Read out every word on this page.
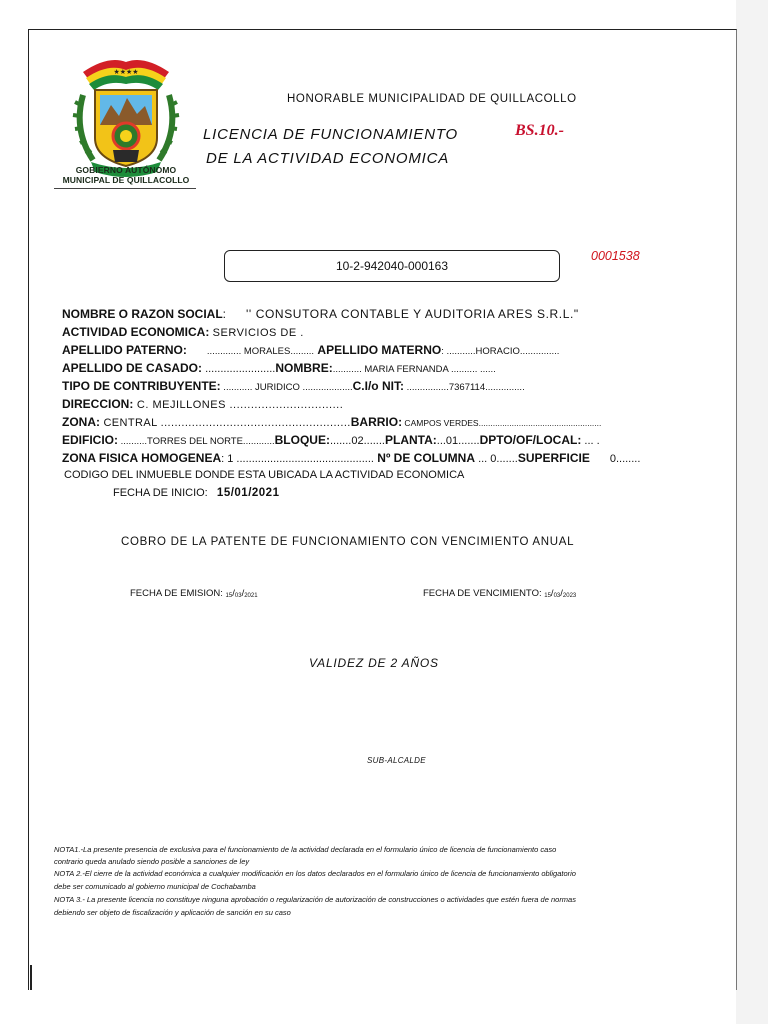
★★★★
GOBIERNO AUTÓNOMO
MUNICIPAL DE QUILLACOLLO
HONORABLE MUNICIPALIDAD DE QUILLACOLLO
LICENCIA DE FUNCIONAMIENTO
DE LA ACTIVIDAD ECONOMICA
BS.10.-
10-2-942040-000163
0001538
NOMBRE O RAZON SOCIAL:      '' CONSUTORA CONTABLE Y AUDITORIA ARES S.R.L."
ACTIVIDAD ECONOMICA: SERVICIOS DE .
APELLIDO PATERNO: ............. MORALES......... APELLIDO MATERNO: ...........HORACIO...............
APELLIDO DE CASADO: .......................NOMBRE:........... MARIA FERNANDA .......... ......
TIPO DE CONTRIBUYENTE: ........... JURIDICO ...................C.I/o NIT: ................7367114...............
DIRECCION: C. MEJILLONES ................................
ZONA: CENTRAL .......................................................BARRIO: CAMPOS VERDES....................................................
EDIFICIO: ..........TORRES DEL NORTE............BLOQUE:.......02.......PLANTA:...01.......DPTO/OF/LOCAL: ... .
ZONA FISICA HOMOGENEA: 1 ............................................. Nº DE COLUMNA ... 0.......SUPERFICIE 0........
CODIGO DEL INMUEBLE DONDE ESTA UBICADA LA ACTIVIDAD ECONOMICA
FECHA DE INICIO: 15/01/2021
COBRO DE LA PATENTE DE FUNCIONAMIENTO CON VENCIMIENTO ANUAL
FECHA DE EMISION: $_{15}/_{03}/_{2021}$	FECHA DE VENCIMIENTO: $_{15}/_{03}/_{2023}$
VALIDEZ DE 2 AÑOS
SUB-ALCALDE
NOTA1.-La presente presencia de exclusiva para el funcionamiento de la actividad declarada en el formulario único de licencia de funcionamiento caso
contrario queda anulado siendo posible a sanciones de ley
NOTA 2.-El cierre de la actividad económica a cualquier modificación en los datos declarados en el formulario único de licencia de funcionamiento obligatorio
debe ser comunicado al gobierno municipal de Cochabamba
NOTA 3.- La presente licencia no constituye ninguna aprobación o regularización de autorización de construcciones o actividades que estén fuera de normas
debiendo ser objeto de fiscalización y aplicación de sanción en su caso
